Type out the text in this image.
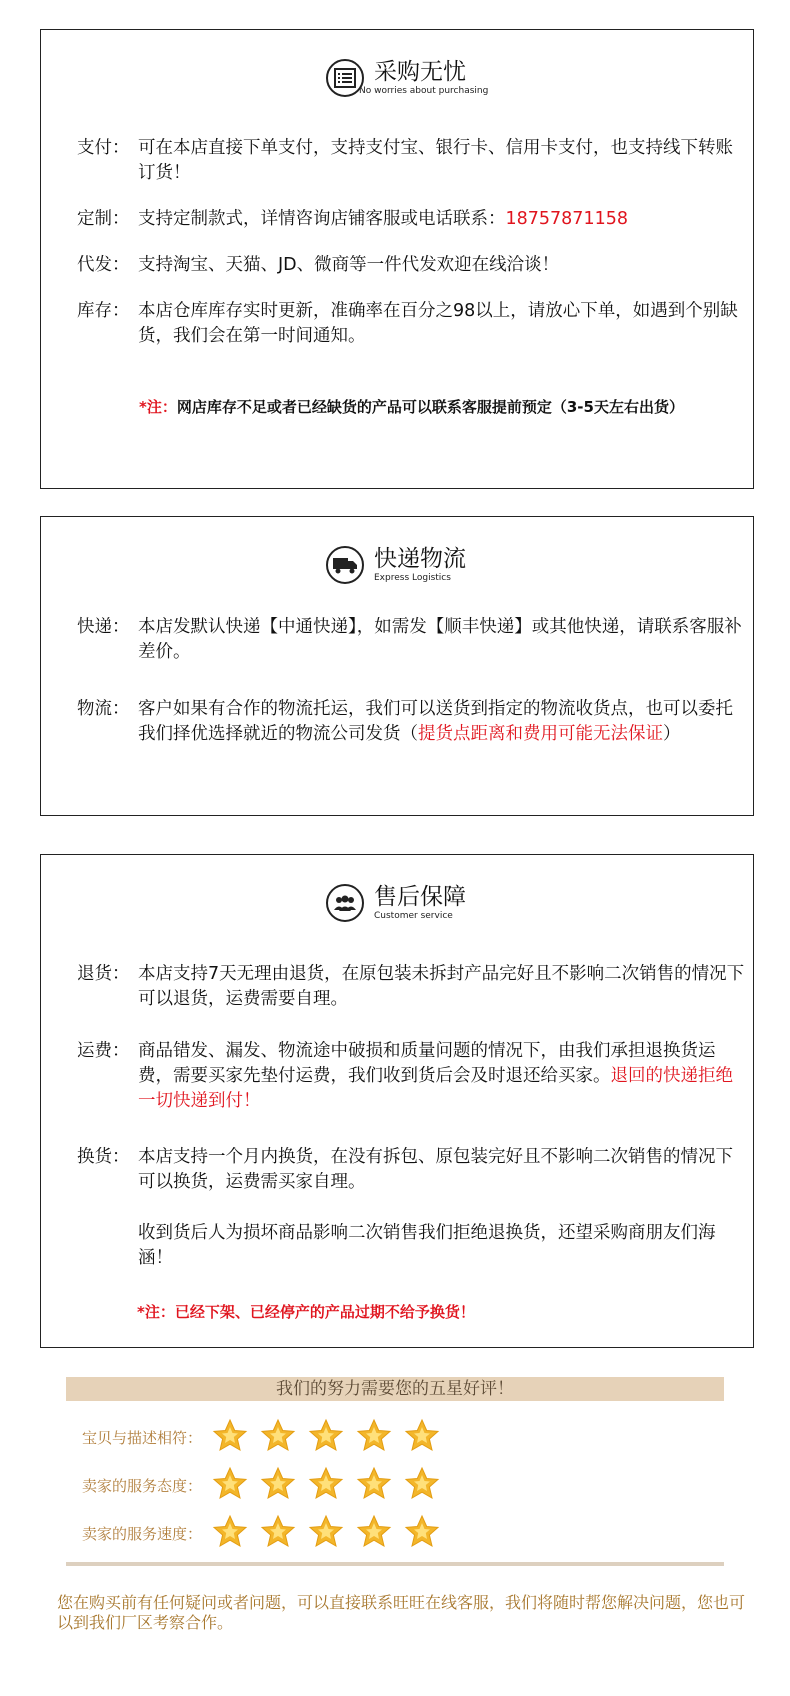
采购无忧
No worries about purchasing
支付： 可在本店直接下单支付，支持支付宝、银行卡、信用卡支付，也支持线下转账订货！
定制： 支持定制款式，详情咨询店铺客服或电话联系：18757871158
代发： 支持淘宝、天猫、JD、微商等一件代发欢迎在线洽谈！
库存： 本店仓库库存实时更新，准确率在百分之98以上，请放心下单，如遇到个别缺货，我们会在第一时间通知。
*注：网店库存不足或者已经缺货的产品可以联系客服提前预定（3-5天左右出货）
快递物流
Express Logistics
快递： 本店发默认快递【中通快递】，如需发【顺丰快递】或其他快递，请联系客服补差价。
物流： 客户如果有合作的物流托运，我们可以送货到指定的物流收货点，也可以委托我们择优选择就近的物流公司发货（提货点距离和费用可能无法保证）
售后保障
Customer service
退货： 本店支持7天无理由退货，在原包装未拆封产品完好且不影响二次销售的情况下可以退货，运费需要自理。
运费： 商品错发、漏发、物流途中破损和质量问题的情况下，由我们承担退换货运费，需要买家先垫付运费，我们收到货后会及时退还给买家。退回的快递拒绝一切快递到付！
换货： 本店支持一个月内换货，在没有拆包、原包装完好且不影响二次销售的情况下可以换货，运费需买家自理。
收到货后人为损坏商品影响二次销售我们拒绝退换货，还望采购商朋友们海涵！
*注：已经下架、已经停产的产品过期不给予换货！
我们的努力需要您的五星好评！
宝贝与描述相符：
卖家的服务态度：
卖家的服务速度：
您在购买前有任何疑问或者问题，可以直接联系旺旺在线客服，我们将随时帮您解决问题，您也可以到我们厂区考察合作。
